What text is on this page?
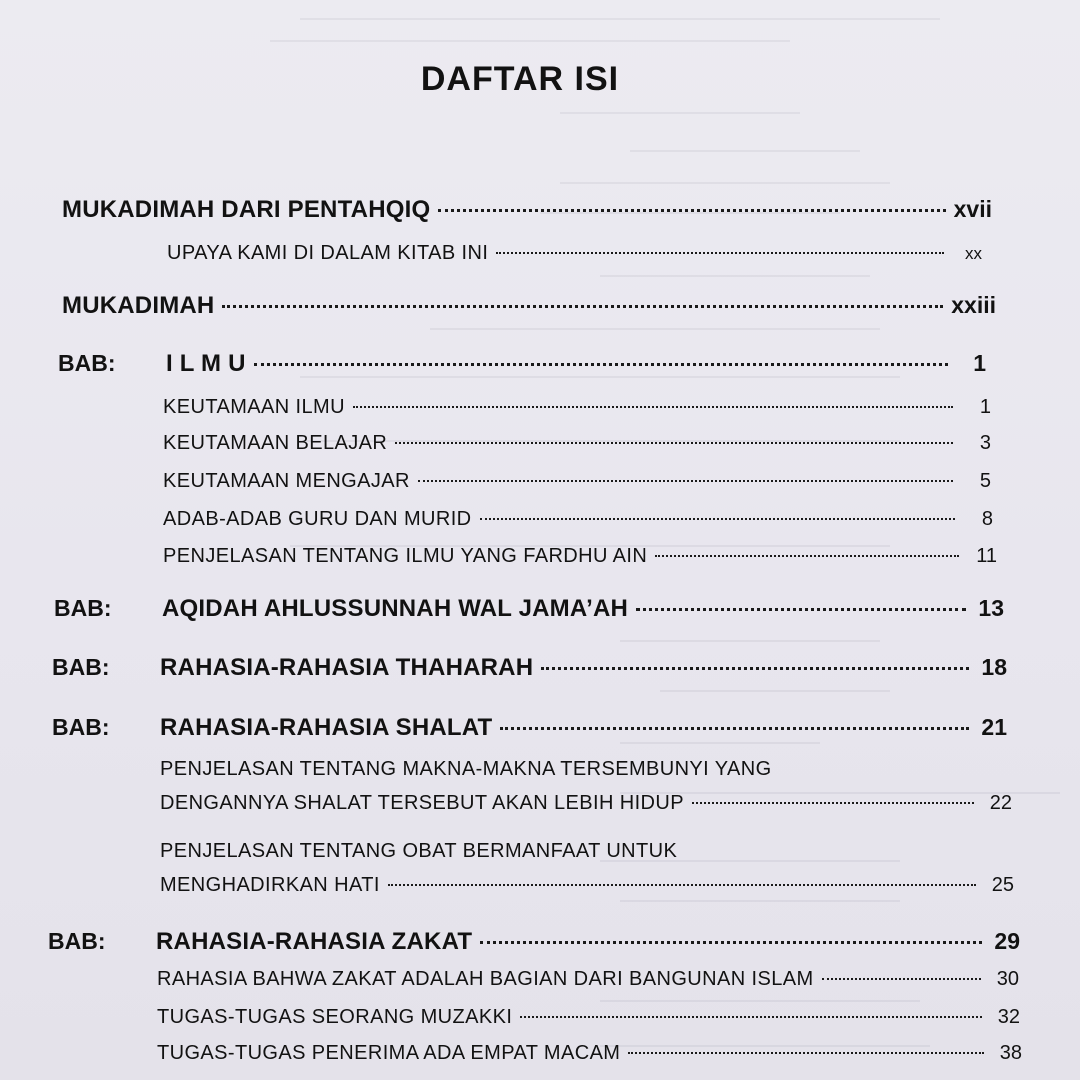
DAFTAR ISI
MUKADIMAH DARI PENTAHQIQ	xvii
UPAYA KAMI DI DALAM KITAB INI	xx
MUKADIMAH	xxiii
BAB:	I L M U	1
KEUTAMAAN ILMU	1
KEUTAMAAN BELAJAR	3
KEUTAMAAN MENGAJAR	5
ADAB-ADAB GURU DAN MURID	8
PENJELASAN TENTANG ILMU YANG FARDHU AIN	11
BAB:	AQIDAH AHLUSSUNNAH WAL JAMA’AH	13
BAB:	RAHASIA-RAHASIA THAHARAH	18
BAB:	RAHASIA-RAHASIA SHALAT	21
PENJELASAN TENTANG MAKNA-MAKNA TERSEMBUNYI YANG
DENGANNYA SHALAT TERSEBUT AKAN LEBIH HIDUP	22
PENJELASAN TENTANG OBAT BERMANFAAT UNTUK
MENGHADIRKAN HATI	25
BAB:	RAHASIA-RAHASIA ZAKAT	29
RAHASIA BAHWA ZAKAT ADALAH BAGIAN DARI BANGUNAN ISLAM	30
TUGAS-TUGAS SEORANG MUZAKKI	32
TUGAS-TUGAS PENERIMA ADA EMPAT MACAM	38
